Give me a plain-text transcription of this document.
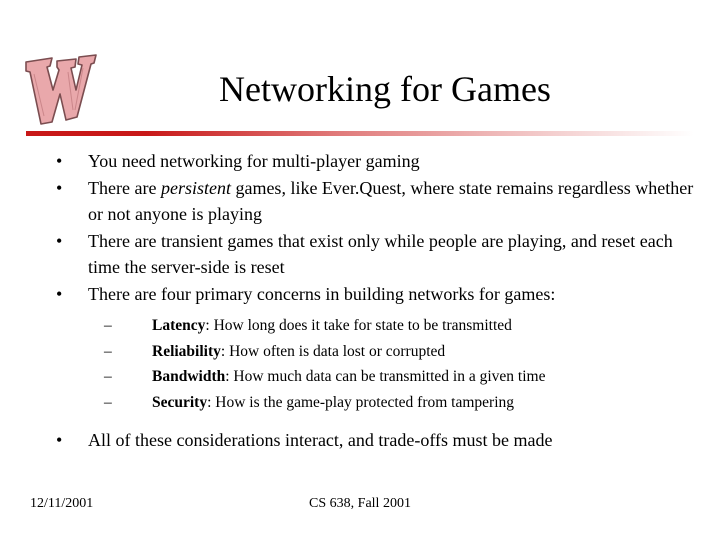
Networking for Games
•	You need networking for multi-player gaming
•	There are persistent games, like Ever.Quest, where state remains regardless whether or not anyone is playing
•	There are transient games that exist only while people are playing, and reset each time the server-side is reset
•	There are four primary concerns in building networks for games:
–	Latency: How long does it take for state to be transmitted
–	Reliability: How often is data lost or corrupted
–	Bandwidth: How much data can be transmitted in a given time
–	Security: How is the game-play protected from tampering
•	All of these considerations interact, and trade-offs must be made
12/11/2001	CS 638, Fall 2001
